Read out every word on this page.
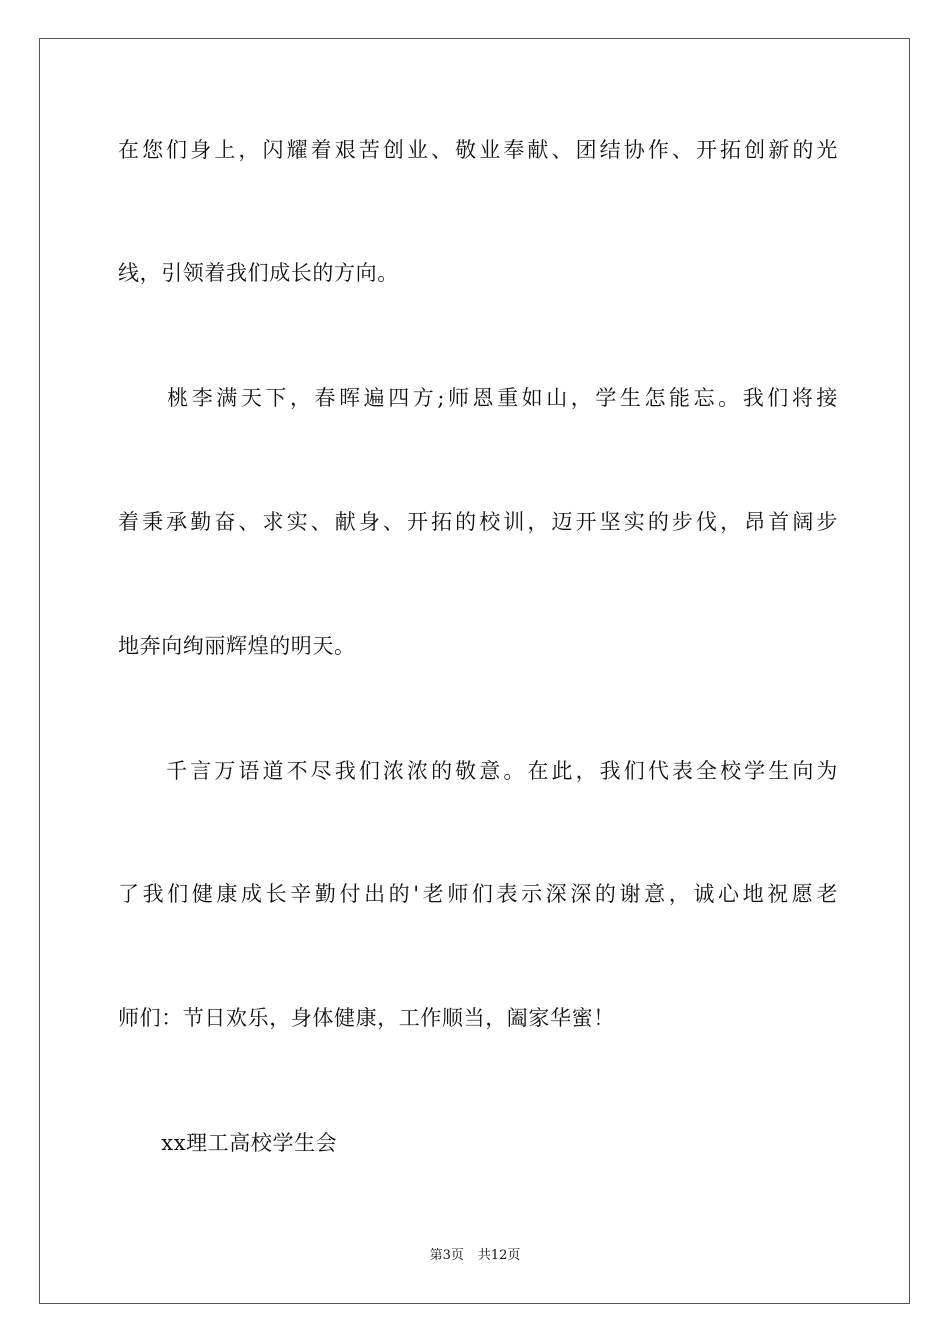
在您们身上，闪耀着艰苦创业、敬业奉献、团结协作、开拓创新的光
线，引领着我们成长的方向。
　　桃李满天下，春晖遍四方;师恩重如山，学生怎能忘。我们将接
着秉承勤奋、求实、献身、开拓的校训，迈开坚实的步伐，昂首阔步
地奔向绚丽辉煌的明天。
　　千言万语道不尽我们浓浓的敬意。在此，我们代表全校学生向为
了我们健康成长辛勤付出的'老师们表示深深的谢意，诚心地祝愿老
师们：节日欢乐，身体健康，工作顺当，阖家华蜜！
　　xx理工高校学生会
第3页 共12页
